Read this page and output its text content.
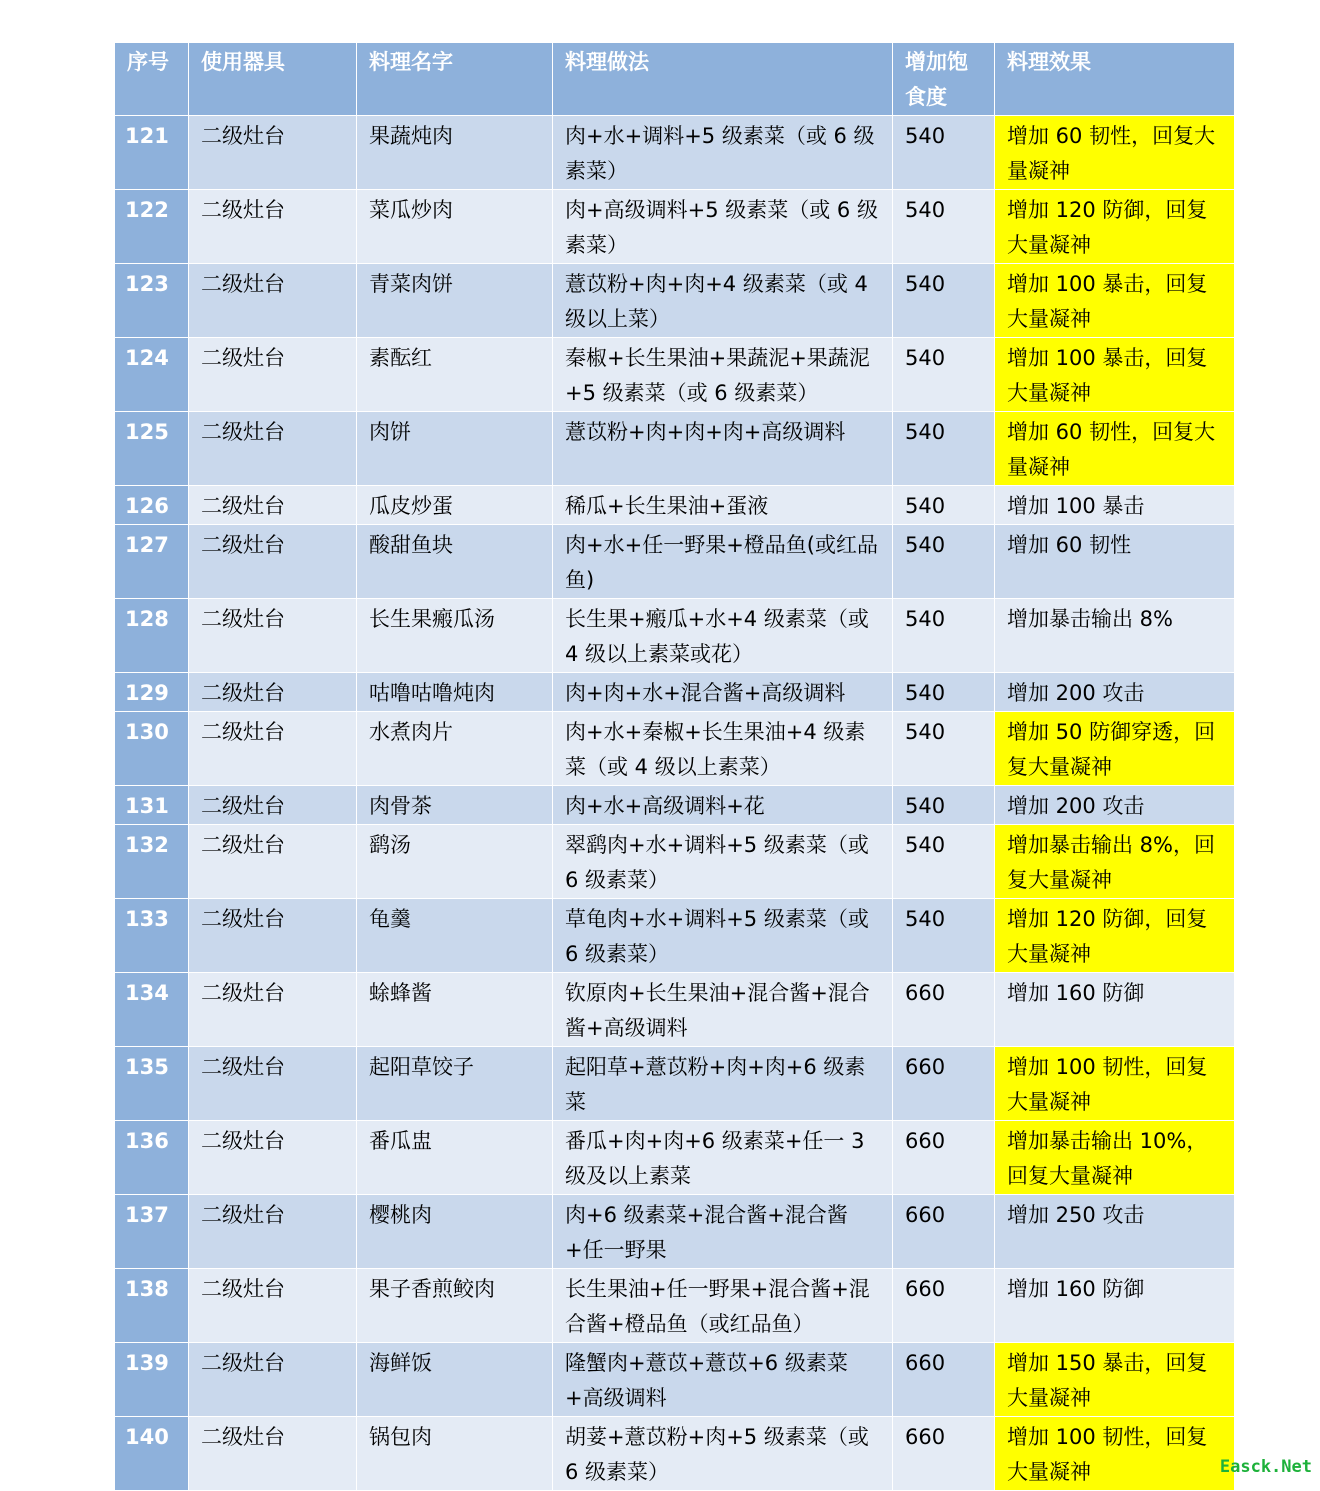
序号	使用器具	料理名字	料理做法	增加饱食度	料理效果
121	二级灶台	果蔬炖肉	肉+水+调料+5 级素菜（或 6 级素菜）	540	增加 60 韧性，回复大量凝神
122	二级灶台	菜瓜炒肉	肉+高级调料+5 级素菜（或 6 级素菜）	540	增加 120 防御，回复大量凝神
123	二级灶台	青菜肉饼	薏苡粉+肉+肉+4 级素菜（或 4 级以上菜）	540	增加 100 暴击，回复大量凝神
124	二级灶台	素酝红	秦椒+长生果油+果蔬泥+果蔬泥+5 级素菜（或 6 级素菜）	540	增加 100 暴击，回复大量凝神
125	二级灶台	肉饼	薏苡粉+肉+肉+肉+高级调料	540	增加 60 韧性，回复大量凝神
126	二级灶台	瓜皮炒蛋	稀瓜+长生果油+蛋液	540	增加 100 暴击
127	二级灶台	酸甜鱼块	肉+水+任一野果+橙品鱼(或红品鱼)	540	增加 60 韧性
128	二级灶台	长生果瘢瓜汤	长生果+瘢瓜+水+4 级素菜（或 4 级以上素菜或花）	540	增加暴击输出 8%
129	二级灶台	咕噜咕噜炖肉	肉+肉+水+混合酱+高级调料	540	增加 200 攻击
130	二级灶台	水煮肉片	肉+水+秦椒+长生果油+4 级素菜（或 4 级以上素菜）	540	增加 50 防御穿透，回复大量凝神
131	二级灶台	肉骨茶	肉+水+高级调料+花	540	增加 200 攻击
132	二级灶台	鹞汤	翠鹞肉+水+调料+5 级素菜（或 6 级素菜）	540	增加暴击输出 8%，回复大量凝神
133	二级灶台	龟羹	草龟肉+水+调料+5 级素菜（或 6 级素菜）	540	增加 120 防御，回复大量凝神
134	二级灶台	蜍蜂酱	钦原肉+长生果油+混合酱+混合酱+高级调料	660	增加 160 防御
135	二级灶台	起阳草饺子	起阳草+薏苡粉+肉+肉+6 级素菜	660	增加 100 韧性，回复大量凝神
136	二级灶台	番瓜盅	番瓜+肉+肉+6 级素菜+任一 3 级及以上素菜	660	增加暴击输出 10%，回复大量凝神
137	二级灶台	樱桃肉	肉+6 级素菜+混合酱+混合酱+任一野果	660	增加 250 攻击
138	二级灶台	果子香煎鲛肉	长生果油+任一野果+混合酱+混合酱+橙品鱼（或红品鱼）	660	增加 160 防御
139	二级灶台	海鲜饭	隆蟹肉+薏苡+薏苡+6 级素菜+高级调料	660	增加 150 暴击，回复大量凝神
140	二级灶台	锅包肉	胡荽+薏苡粉+肉+5 级素菜（或 6 级素菜）	660	增加 100 韧性，回复大量凝神	Easck.Net
